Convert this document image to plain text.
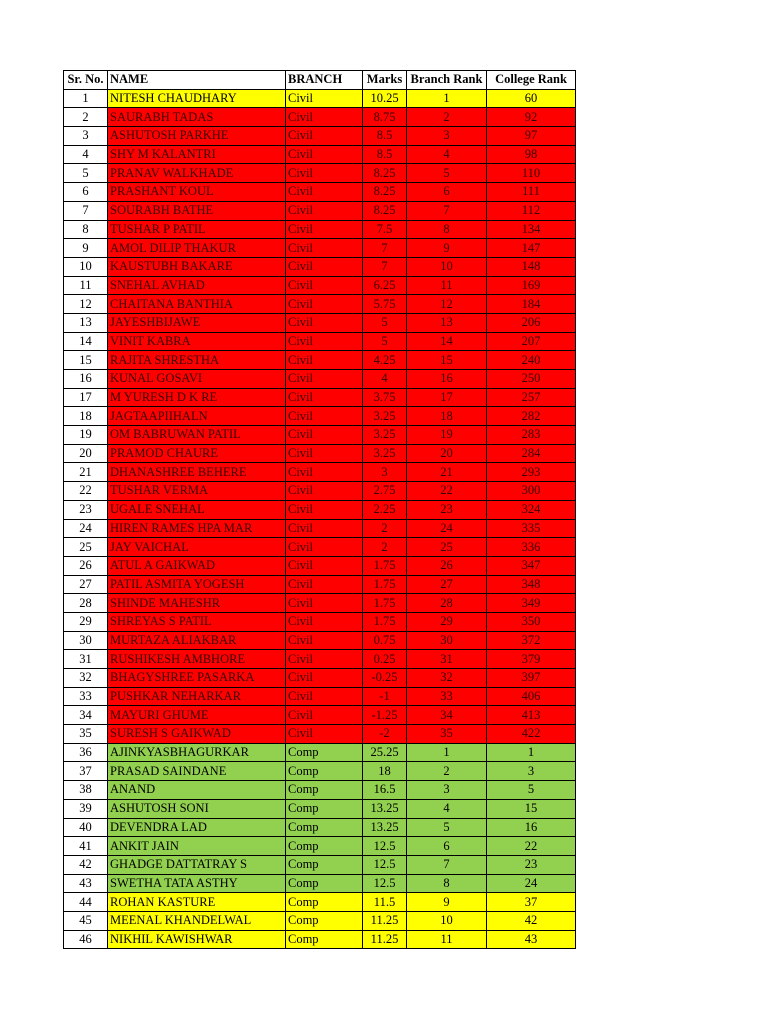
Sr. No.	NAME	BRANCH	Marks	Branch Rank	College Rank
1	NITESH CHAUDHARY	Civil	10.25	1	60
2	SAURABH TADAS	Civil	8.75	2	92
3	ASHUTOSH PARKHE	Civil	8.5	3	97
4	SHY M KALANTRI	Civil	8.5	4	98
5	PRANAV WALKHADE	Civil	8.25	5	110
6	PRASHANT KOUL	Civil	8.25	6	111
7	SOURABH BATHE	Civil	8.25	7	112
8	TUSHAR P PATIL	Civil	7.5	8	134
9	AMOL DILIP THAKUR	Civil	7	9	147
10	KAUSTUBH BAKARE	Civil	7	10	148
11	SNEHAL AVHAD	Civil	6.25	11	169
12	CHAITANA BANTHIA	Civil	5.75	12	184
13	JAYESHBIJAWE	Civil	5	13	206
14	VINIT KABRA	Civil	5	14	207
15	RAJITA SHRESTHA	Civil	4.25	15	240
16	KUNAL GOSAVI	Civil	4	16	250
17	M YURESH D K RE	Civil	3.75	17	257
18	JAGTAAPIIHALN	Civil	3.25	18	282
19	OM BABRUWAN PATIL	Civil	3.25	19	283
20	PRAMOD CHAURE	Civil	3.25	20	284
21	DHANASHREE BEHERE	Civil	3	21	293
22	TUSHAR VERMA	Civil	2.75	22	300
23	UGALE SNEHAL	Civil	2.25	23	324
24	HIREN RAMES HPA MAR	Civil	2	24	335
25	JAY VAICHAL	Civil	2	25	336
26	ATUL A GAIKWAD	Civil	1.75	26	347
27	PATIL ASMITA YOGESH	Civil	1.75	27	348
28	SHINDE MAHESHR	Civil	1.75	28	349
29	SHREYAS S PATIL	Civil	1.75	29	350
30	MURTAZA ALIAKBAR	Civil	0.75	30	372
31	RUSHIKESH AMBHORE	Civil	0.25	31	379
32	BHAGYSHREE PASARKA	Civil	-0.25	32	397
33	PUSHKAR NEHARKAR	Civil	-1	33	406
34	MAYURI GHUME	Civil	-1.25	34	413
35	SURESH S GAIKWAD	Civil	-2	35	422
36	AJINKYASBHAGURKAR	Comp	25.25	1	1
37	PRASAD SAINDANE	Comp	18	2	3
38	ANAND	Comp	16.5	3	5
39	ASHUTOSH SONI	Comp	13.25	4	15
40	DEVENDRA LAD	Comp	13.25	5	16
41	ANKIT JAIN	Comp	12.5	6	22
42	GHADGE DATTATRAY S	Comp	12.5	7	23
43	SWETHA TATA ASTHY	Comp	12.5	8	24
44	ROHAN KASTURE	Comp	11.5	9	37
45	MEENAL KHANDELWAL	Comp	11.25	10	42
46	NIKHIL KAWISHWAR	Comp	11.25	11	43
